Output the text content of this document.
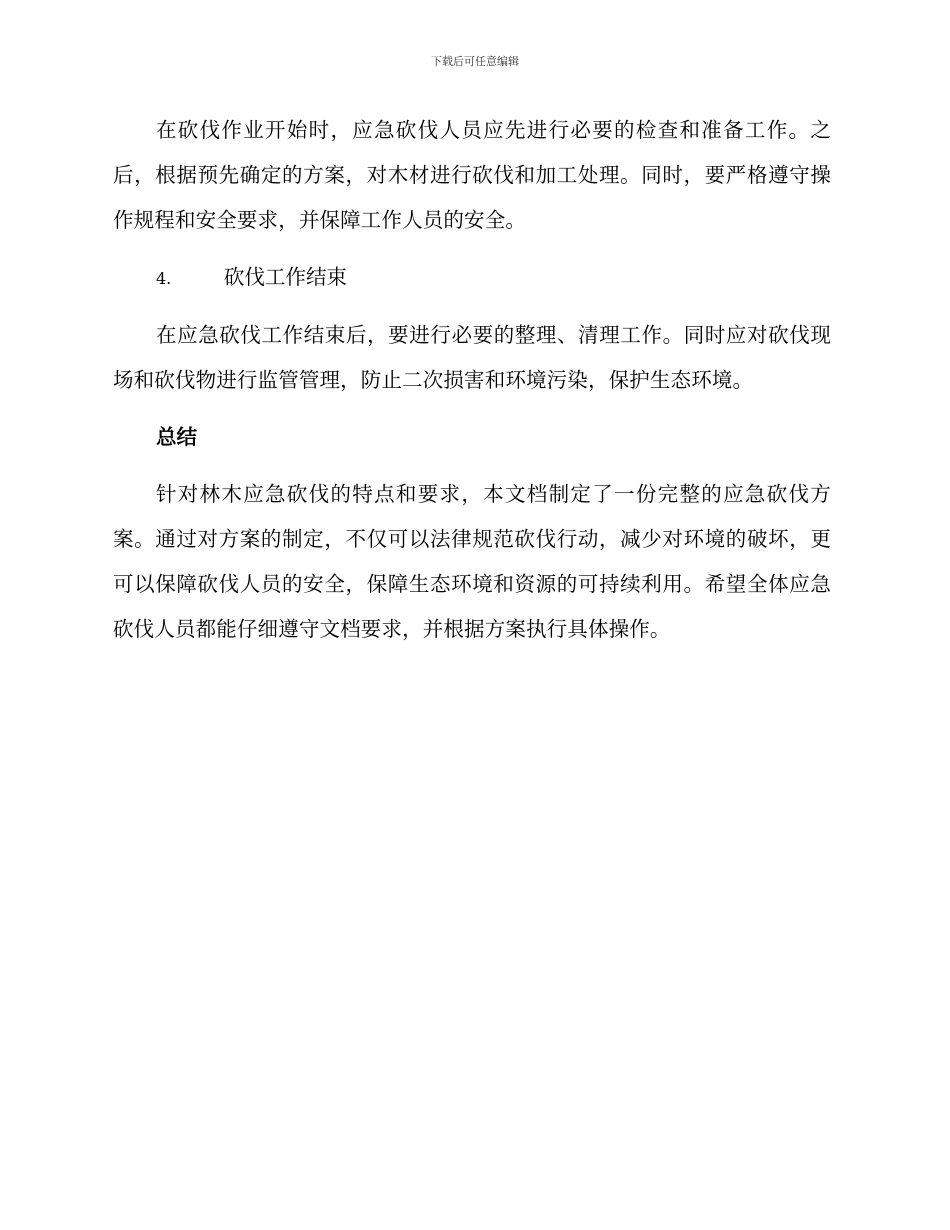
下载后可任意编辑

在砍伐作业开始时，应急砍伐人员应先进行必要的检查和准备工作。之后，根据预先确定的方案，对木材进行砍伐和加工处理。同时，要严格遵守操作规程和安全要求，并保障工作人员的安全。

4.	砍伐工作结束

在应急砍伐工作结束后，要进行必要的整理、清理工作。同时应对砍伐现场和砍伐物进行监管管理，防止二次损害和环境污染，保护生态环境。

总结

针对林木应急砍伐的特点和要求，本文档制定了一份完整的应急砍伐方案。通过对方案的制定，不仅可以法律规范砍伐行动，减少对环境的破坏，更可以保障砍伐人员的安全，保障生态环境和资源的可持续利用。希望全体应急砍伐人员都能仔细遵守文档要求，并根据方案执行具体操作。
